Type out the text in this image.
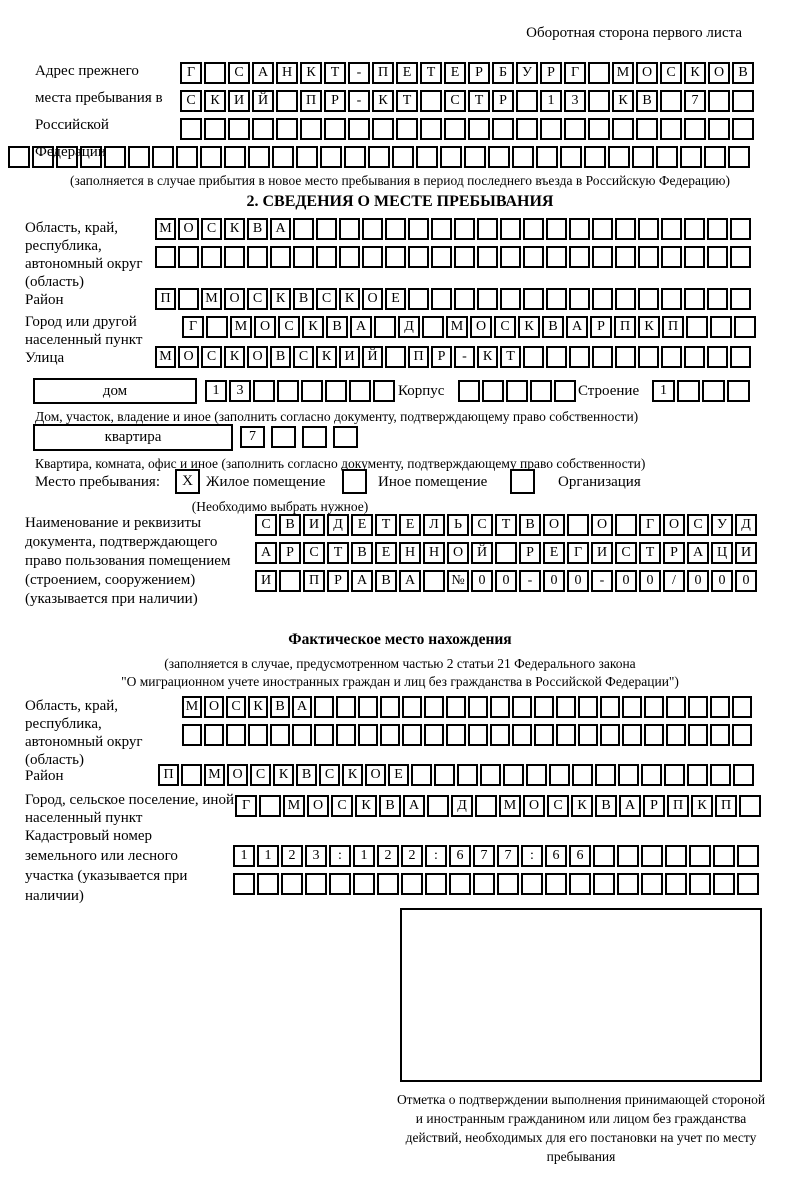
Оборотная сторона первого листа
Адрес прежнего места пребывания в Российской Федерации
Г	С	А Н	К	Т	-	П	Е	Т	Е	Р	Б	У	Р	Г	М О	С	К	О	В
С	К	И Й	П	Р	-	К	Т	С	Т	Р	1	3	К	В	7
(заполняется в случае прибытия в новое место пребывания в период последнего въезда в Российскую Федерацию)
2. СВЕДЕНИЯ О МЕСТЕ ПРЕБЫВАНИЯ
Область, край, республика, автономный округ (область)
М О С К В А
Район	П	М О С К В С К О Е
Город или другой населенный пункт
Г	М О	С	К	В	А	Д	М О	С	К	В	А	Р	П	К	П
Улица	М О С К О В С К И Й	П	Р	-	К	Т
дом	1	3	Корпус	Строение	1
Дом, участок, владение и иное (заполнить согласно документу, подтверждающему право собственности)
квартира	7
Квартира, комната, офис и иное (заполнить согласно документу, подтверждающему право собственности)
Место пребывания:	X Жилое помещение	Иное помещение	Организация
(Необходимо выбрать нужное)
Наименование и реквизиты документа, подтверждающего право пользования помещением (строением, сооружением) (указывается при наличии)
С	В	И	Д	Е	Т	Е	Л	Ь	С	Т	В	О	О	Г	О	С	У	Д
А	Р	С	Т	В	Е	Н Н О Й	Р	Е	Г	И	С	Т	Р	А Ц И
И	П	Р	А	В	А	№ 0	0	-	0	0	-	0	0	/	0	0	0
Фактическое место нахождения
(заполняется в случае, предусмотренном частью 2 статьи 21 Федерального закона
"О миграционном учете иностранных граждан и лиц без гражданства в Российской Федерации")
Область, край, республика, автономный округ (область)
М О С К В А
Район	П	М О С К В С К О Е
Город, сельское поселение, иной населенный пункт
Г	М О	С	К	В	А	Д	М О	С	К	В	А	Р	П	К	П
Кадастровый номер земельного или лесного участка (указывается при наличии)
1	1	2	3	:	1	2	2	:	6	7	7	:	6	6
Отметка о подтверждении выполнения принимающей стороной и иностранным гражданином или лицом без гражданства действий, необходимых для его постановки на учет по месту пребывания
